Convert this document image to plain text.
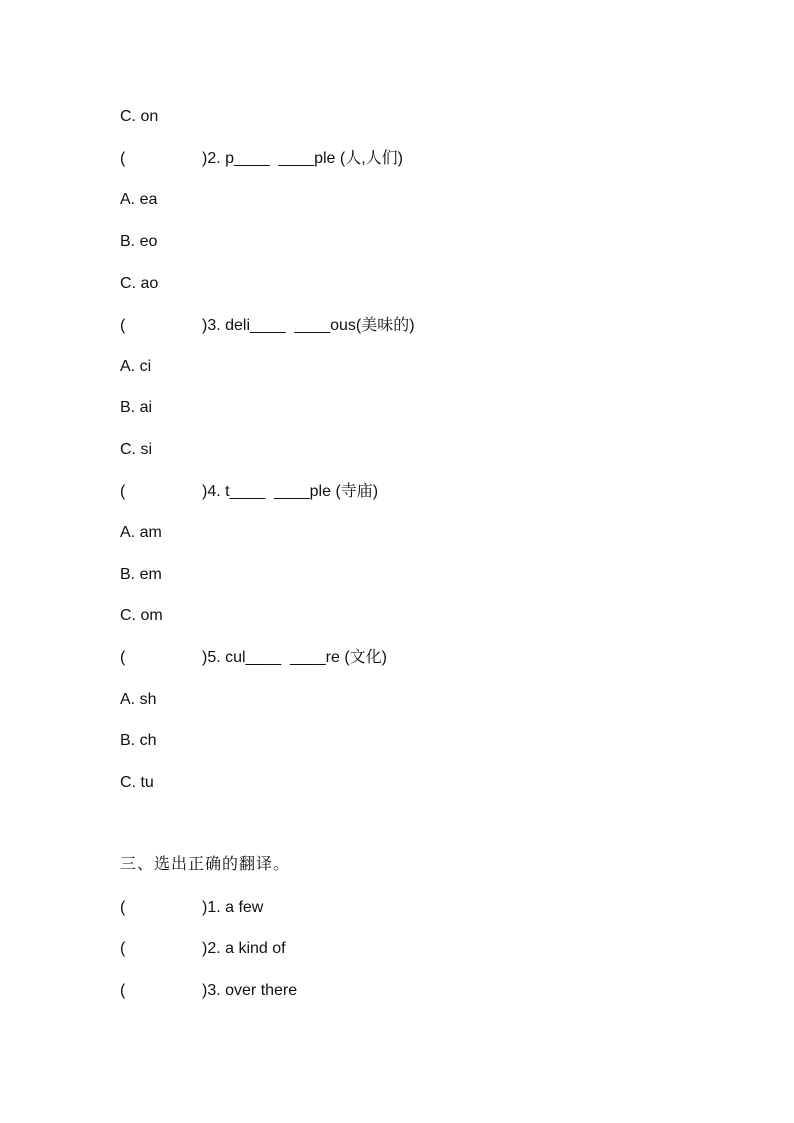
C. on

(

	)2. p____  ____ple (人,人们)

A. ea
B. eo
C. ao

(

	)3. deli____  ____ous(美味的)

A. ci
B. ai
C. si

(

	)4. t____  ____ple (寺庙)

A. am
B. em
C. om

(

	)5. cul____  ____re (文化)

A. sh
B. ch
C. tu
三、选出正确的翻译。

(

	)1. a few

(

	)2. a kind of

(

	)3. over there
